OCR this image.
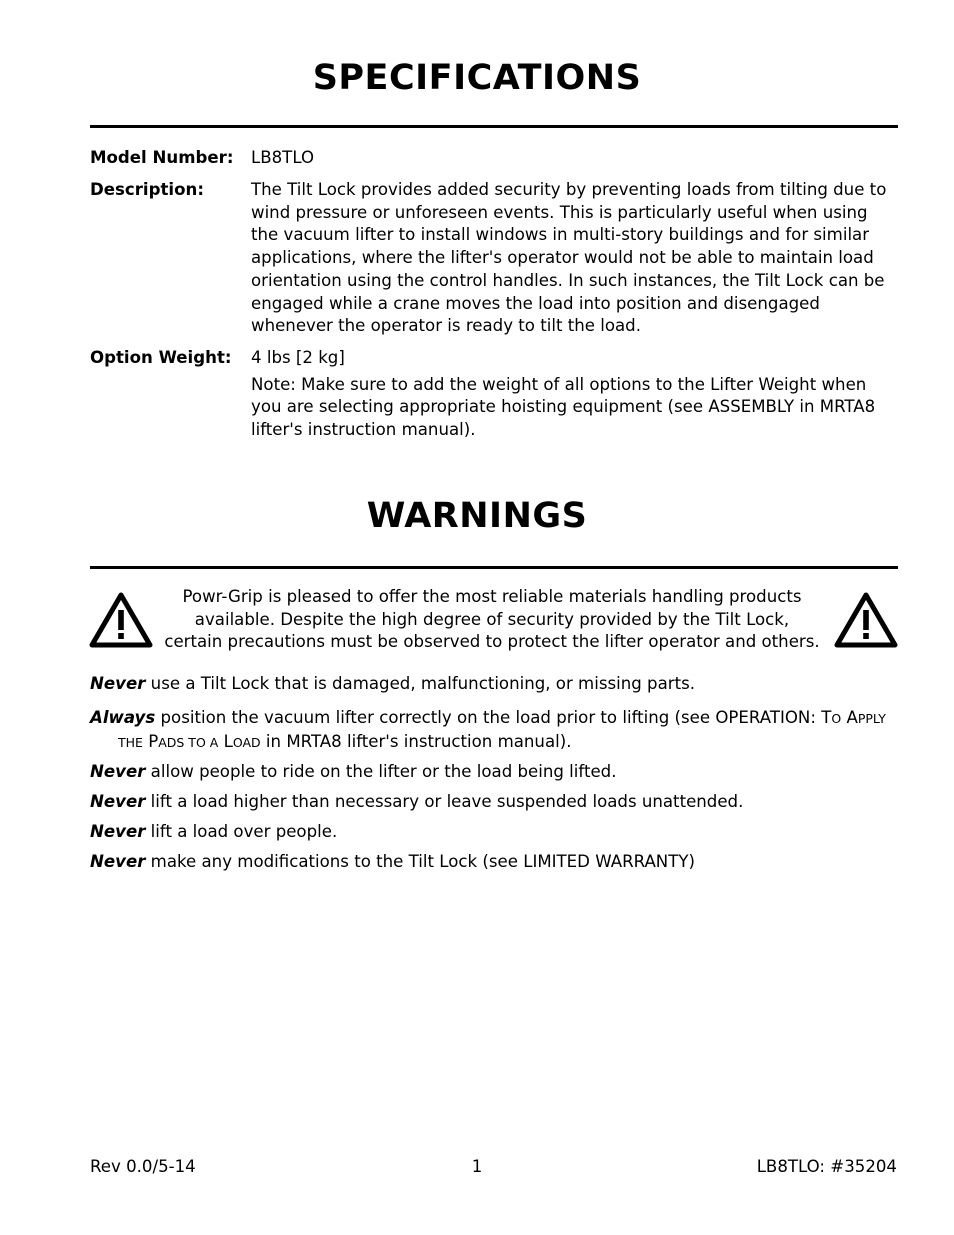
SPECIFICATIONS
Model Number: LB8TLO
Description:	The Tilt Lock provides added security by preventing loads from tilting due to
wind pressure or unforeseen events. This is particularly useful when using
the vacuum lifter to install windows in multi-story buildings and for similar
applications, where the lifter's operator would not be able to maintain load
orientation using the control handles. In such instances, the Tilt Lock can be
engaged while a crane moves the load into position and disengaged
whenever the operator is ready to tilt the load.
Option Weight: 4 lbs [2 kg]
Note: Make sure to add the weight of all options to the Lifter Weight when
you are selecting appropriate hoisting equipment (see ASSEMBLY in MRTA8
lifter's instruction manual).
WARNINGS
Powr-Grip is pleased to offer the most reliable materials handling products
available. Despite the high degree of security provided by the Tilt Lock,
certain precautions must be observed to protect the lifter operator and others.
Never use a Tilt Lock that is damaged, malfunctioning, or missing parts.
Always position the vacuum lifter correctly on the load prior to lifting (see OPERATION: TO APPLY
THE PADS TO A LOAD in MRTA8 lifter's instruction manual).
Never allow people to ride on the lifter or the load being lifted.
Never lift a load higher than necessary or leave suspended loads unattended.
Never lift a load over people.
Never make any modifications to the Tilt Lock (see LIMITED WARRANTY)
Rev 0.0/5-14	1	LB8TLO: #35204
